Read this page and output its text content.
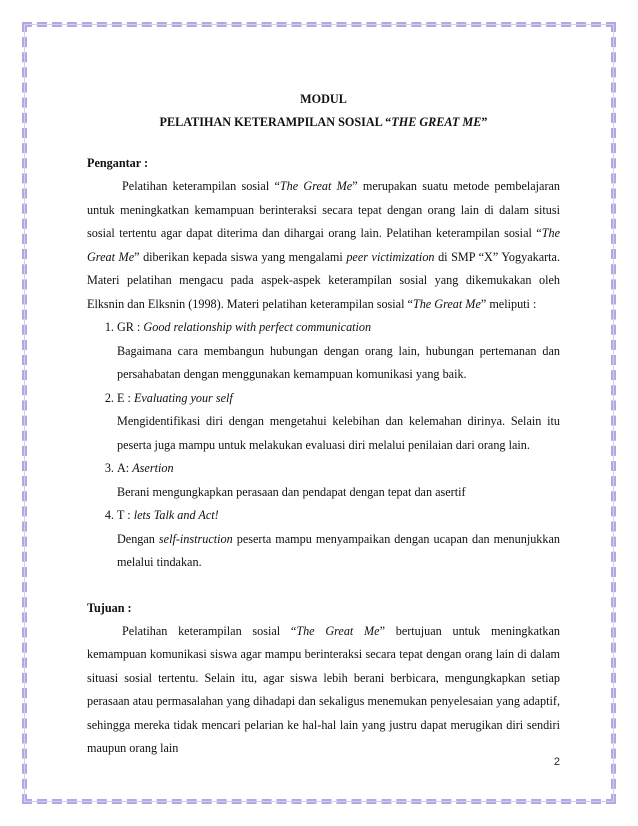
MODUL

PELATIHAN KETERAMPILAN SOSIAL “THE GREAT ME”

Pengantar :

Pelatihan keterampilan sosial “The Great Me” merupakan suatu metode pembelajaran untuk meningkatkan kemampuan berinteraksi secara tepat dengan orang lain di dalam situsi sosial tertentu agar dapat diterima dan dihargai orang lain. Pelatihan keterampilan sosial “The Great Me” diberikan kepada siswa yang mengalami peer victimization di SMP “X” Yogyakarta. Materi pelatihan mengacu pada aspek-aspek keterampilan sosial yang dikemukakan oleh Elksnin dan Elksnin (1998). Materi pelatihan keterampilan sosial “The Great Me” meliputi :

1. GR : Good relationship with perfect communication
Bagaimana cara membangun hubungan dengan orang lain, hubungan pertemanan dan persahabatan dengan menggunakan kemampuan komunikasi yang baik.
2. E : Evaluating your self
Mengidentifikasi diri dengan mengetahui kelebihan dan kelemahan dirinya. Selain itu peserta juga mampu untuk melakukan evaluasi diri melalui penilaian dari orang lain.
3. A: Asertion
Berani mengungkapkan perasaan dan pendapat dengan tepat dan asertif
4. T : lets Talk and Act!
Dengan self-instruction peserta mampu menyampaikan dengan ucapan dan menunjukkan melalui tindakan.

Tujuan :

Pelatihan keterampilan sosial “The Great Me” bertujuan untuk meningkatkan kemampuan komunikasi siswa agar mampu berinteraksi secara tepat dengan orang lain di dalam situasi sosial tertentu. Selain itu, agar siswa lebih berani berbicara, mengungkapkan setiap perasaan atau permasalahan yang dihadapi dan sekaligus menemukan penyelesaian yang adaptif, sehingga mereka tidak mencari pelarian ke hal-hal lain yang justru dapat merugikan diri sendiri maupun orang lain

2
